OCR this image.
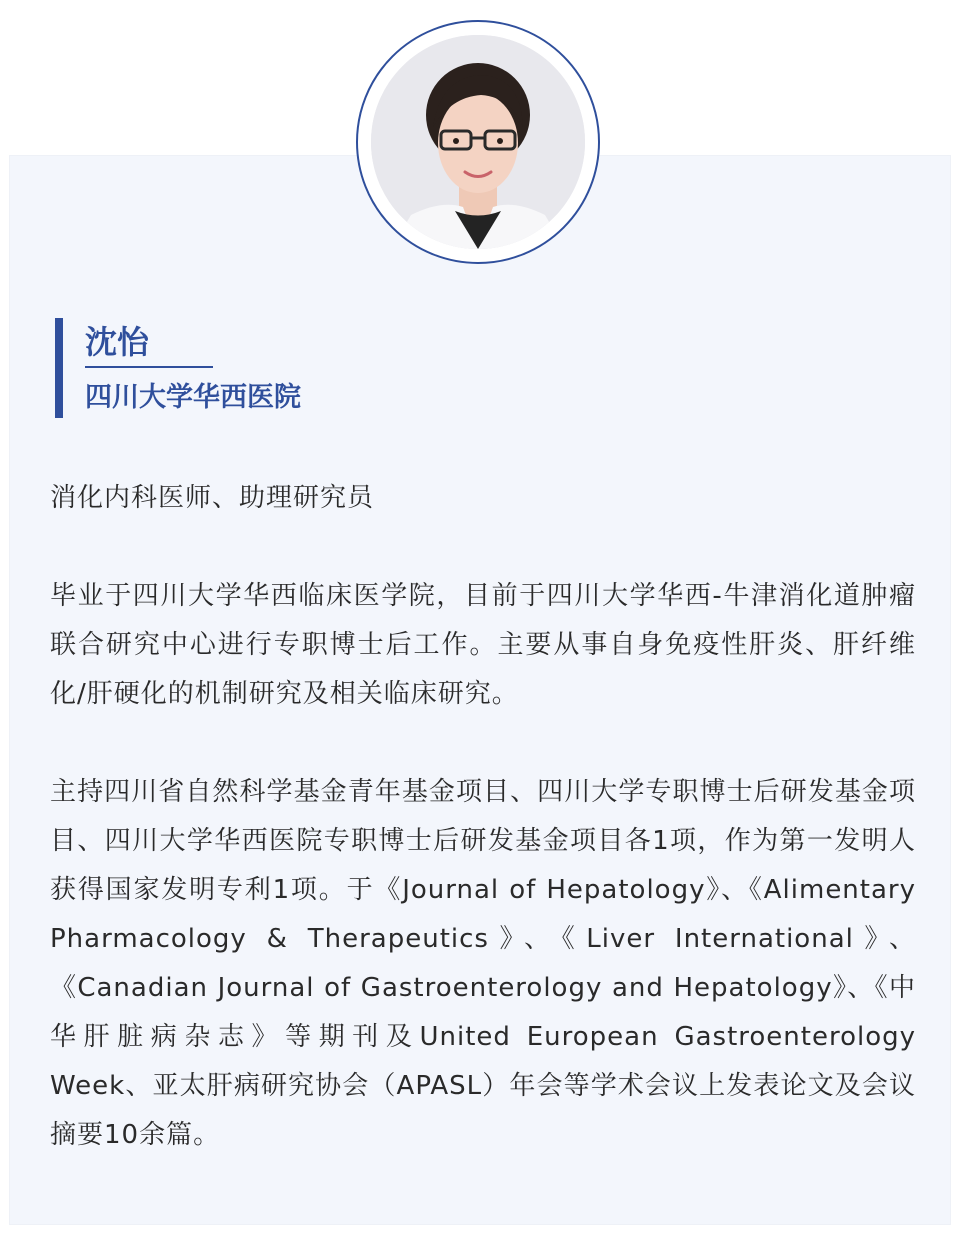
沈怡
四川大学华西医院

消化内科医师、助理研究员

毕业于四川大学华西临床医学院，目前于四川大学华西-牛津消化道肿瘤联合研究中心进行专职博士后工作。主要从事自身免疫性肝炎、肝纤维化/肝硬化的机制研究及相关临床研究。

主持四川省自然科学基金青年基金项目、四川大学专职博士后研发基金项目、四川大学华西医院专职博士后研发基金项目各1项，作为第一发明人获得国家发明专利1项。于《Journal of Hepatology》、《Alimentary Pharmacology & Therapeutics》、《Liver International》、《Canadian Journal of Gastroenterology and Hepatology》、《中华肝脏病杂志》等期刊及United European Gastroenterology Week、亚太肝病研究协会（APASL）年会等学术会议上发表论文及会议摘要10余篇。
